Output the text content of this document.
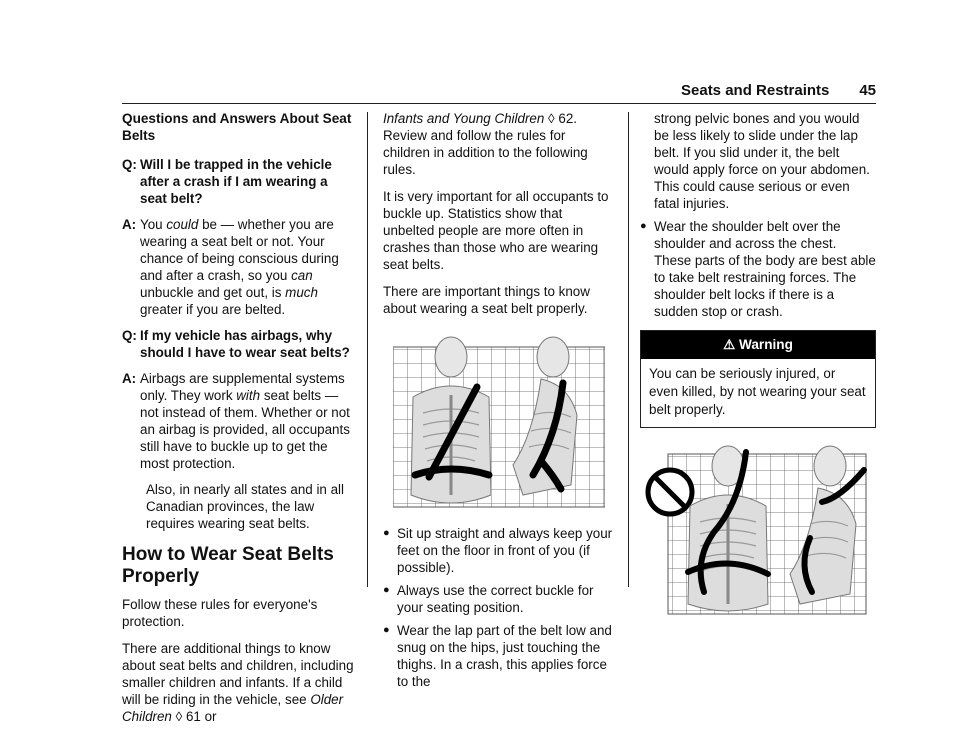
Seats and Restraints 45
Questions and Answers About Seat Belts
Q: Will I be trapped in the vehicle after a crash if I am wearing a seat belt?
A: You could be — whether you are wearing a seat belt or not. Your chance of being conscious during and after a crash, so you can unbuckle and get out, is much greater if you are belted.
Q: If my vehicle has airbags, why should I have to wear seat belts?
A: Airbags are supplemental systems only. They work with seat belts — not instead of them. Whether or not an airbag is provided, all occupants still have to buckle up to get the most protection.

Also, in nearly all states and in all Canadian provinces, the law requires wearing seat belts.

How to Wear Seat Belts Properly

Follow these rules for everyone's protection.

There are additional things to know about seat belts and children, including smaller children and infants. If a child will be riding in the vehicle, see Older Children ◊ 61 or

Infants and Young Children ◊ 62. Review and follow the rules for children in addition to the following rules.

It is very important for all occupants to buckle up. Statistics show that unbelted people are more often in crashes than those who are wearing seat belts.

There are important things to know about wearing a seat belt properly.

● Sit up straight and always keep your feet on the floor in front of you (if possible).
● Always use the correct buckle for your seating position.
● Wear the lap part of the belt low and snug on the hips, just touching the thighs. In a crash, this applies force to the

strong pelvic bones and you would be less likely to slide under the lap belt. If you slid under it, the belt would apply force on your abdomen. This could cause serious or even fatal injuries.

● Wear the shoulder belt over the shoulder and across the chest. These parts of the body are best able to take belt restraining forces. The shoulder belt locks if there is a sudden stop or crash.
⚠ Warning
You can be seriously injured, or even killed, by not wearing your seat belt properly.
